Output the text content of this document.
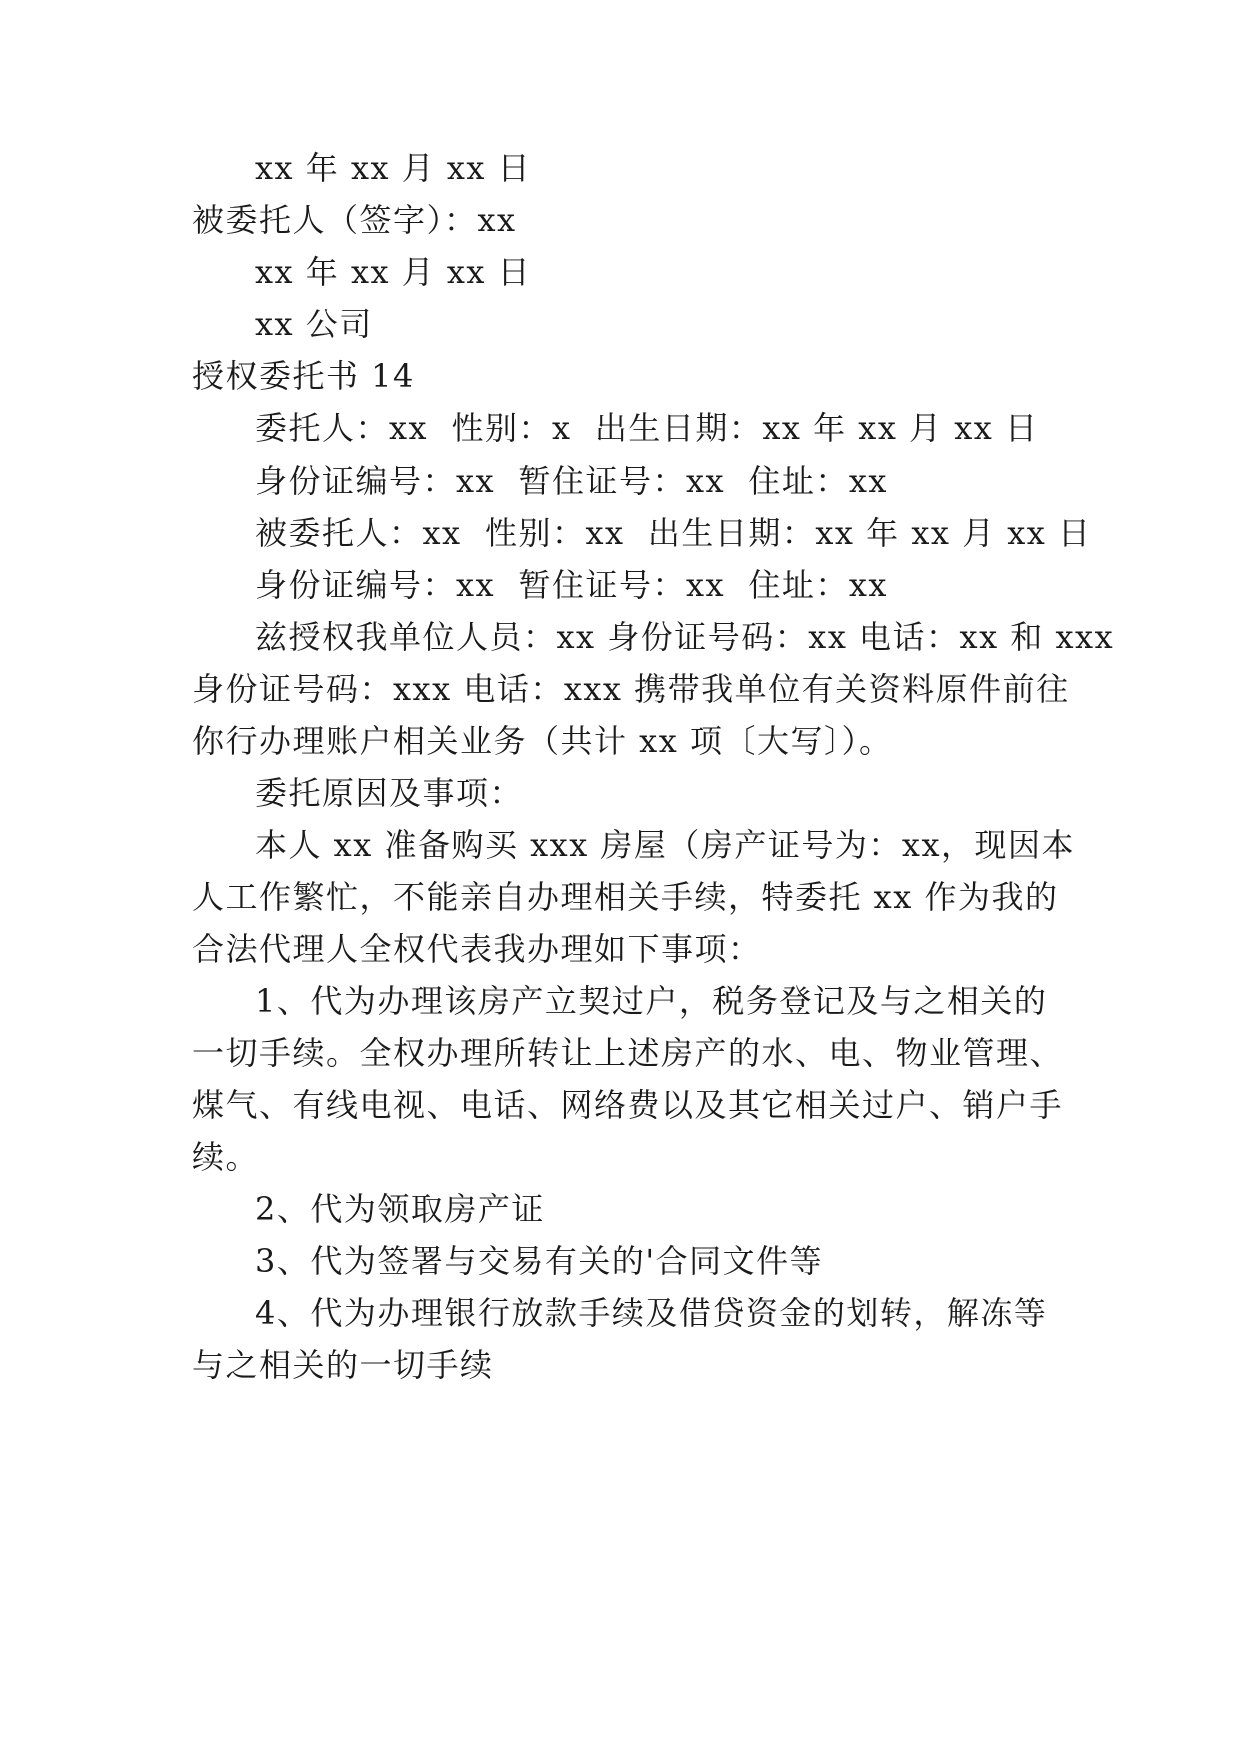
xx 年 xx 月 xx 日

被委托人（签字）：xx

xx 年 xx 月 xx 日

xx 公司

授权委托书 14

委托人：xx  性别：x  出生日期：xx 年 xx 月 xx 日

身份证编号：xx  暂住证号：xx  住址：xx

被委托人：xx  性别：xx  出生日期：xx 年 xx 月 xx 日

身份证编号：xx  暂住证号：xx  住址：xx

兹授权我单位人员：xx 身份证号码：xx 电话：xx 和 xxx

身份证号码：xxx 电话：xxx 携带我单位有关资料原件前往

你行办理账户相关业务（共计 xx 项〔大写〕）。

委托原因及事项：

本人 xx 准备购买 xxx 房屋（房产证号为：xx，现因本

人工作繁忙，不能亲自办理相关手续，特委托 xx 作为我的

合法代理人全权代表我办理如下事项：

1、代为办理该房产立契过户，税务登记及与之相关的

一切手续。全权办理所转让上述房产的水、电、物业管理、

煤气、有线电视、电话、网络费以及其它相关过户、销户手

续。

2、代为领取房产证

3、代为签署与交易有关的'合同文件等

4、代为办理银行放款手续及借贷资金的划转，解冻等

与之相关的一切手续
